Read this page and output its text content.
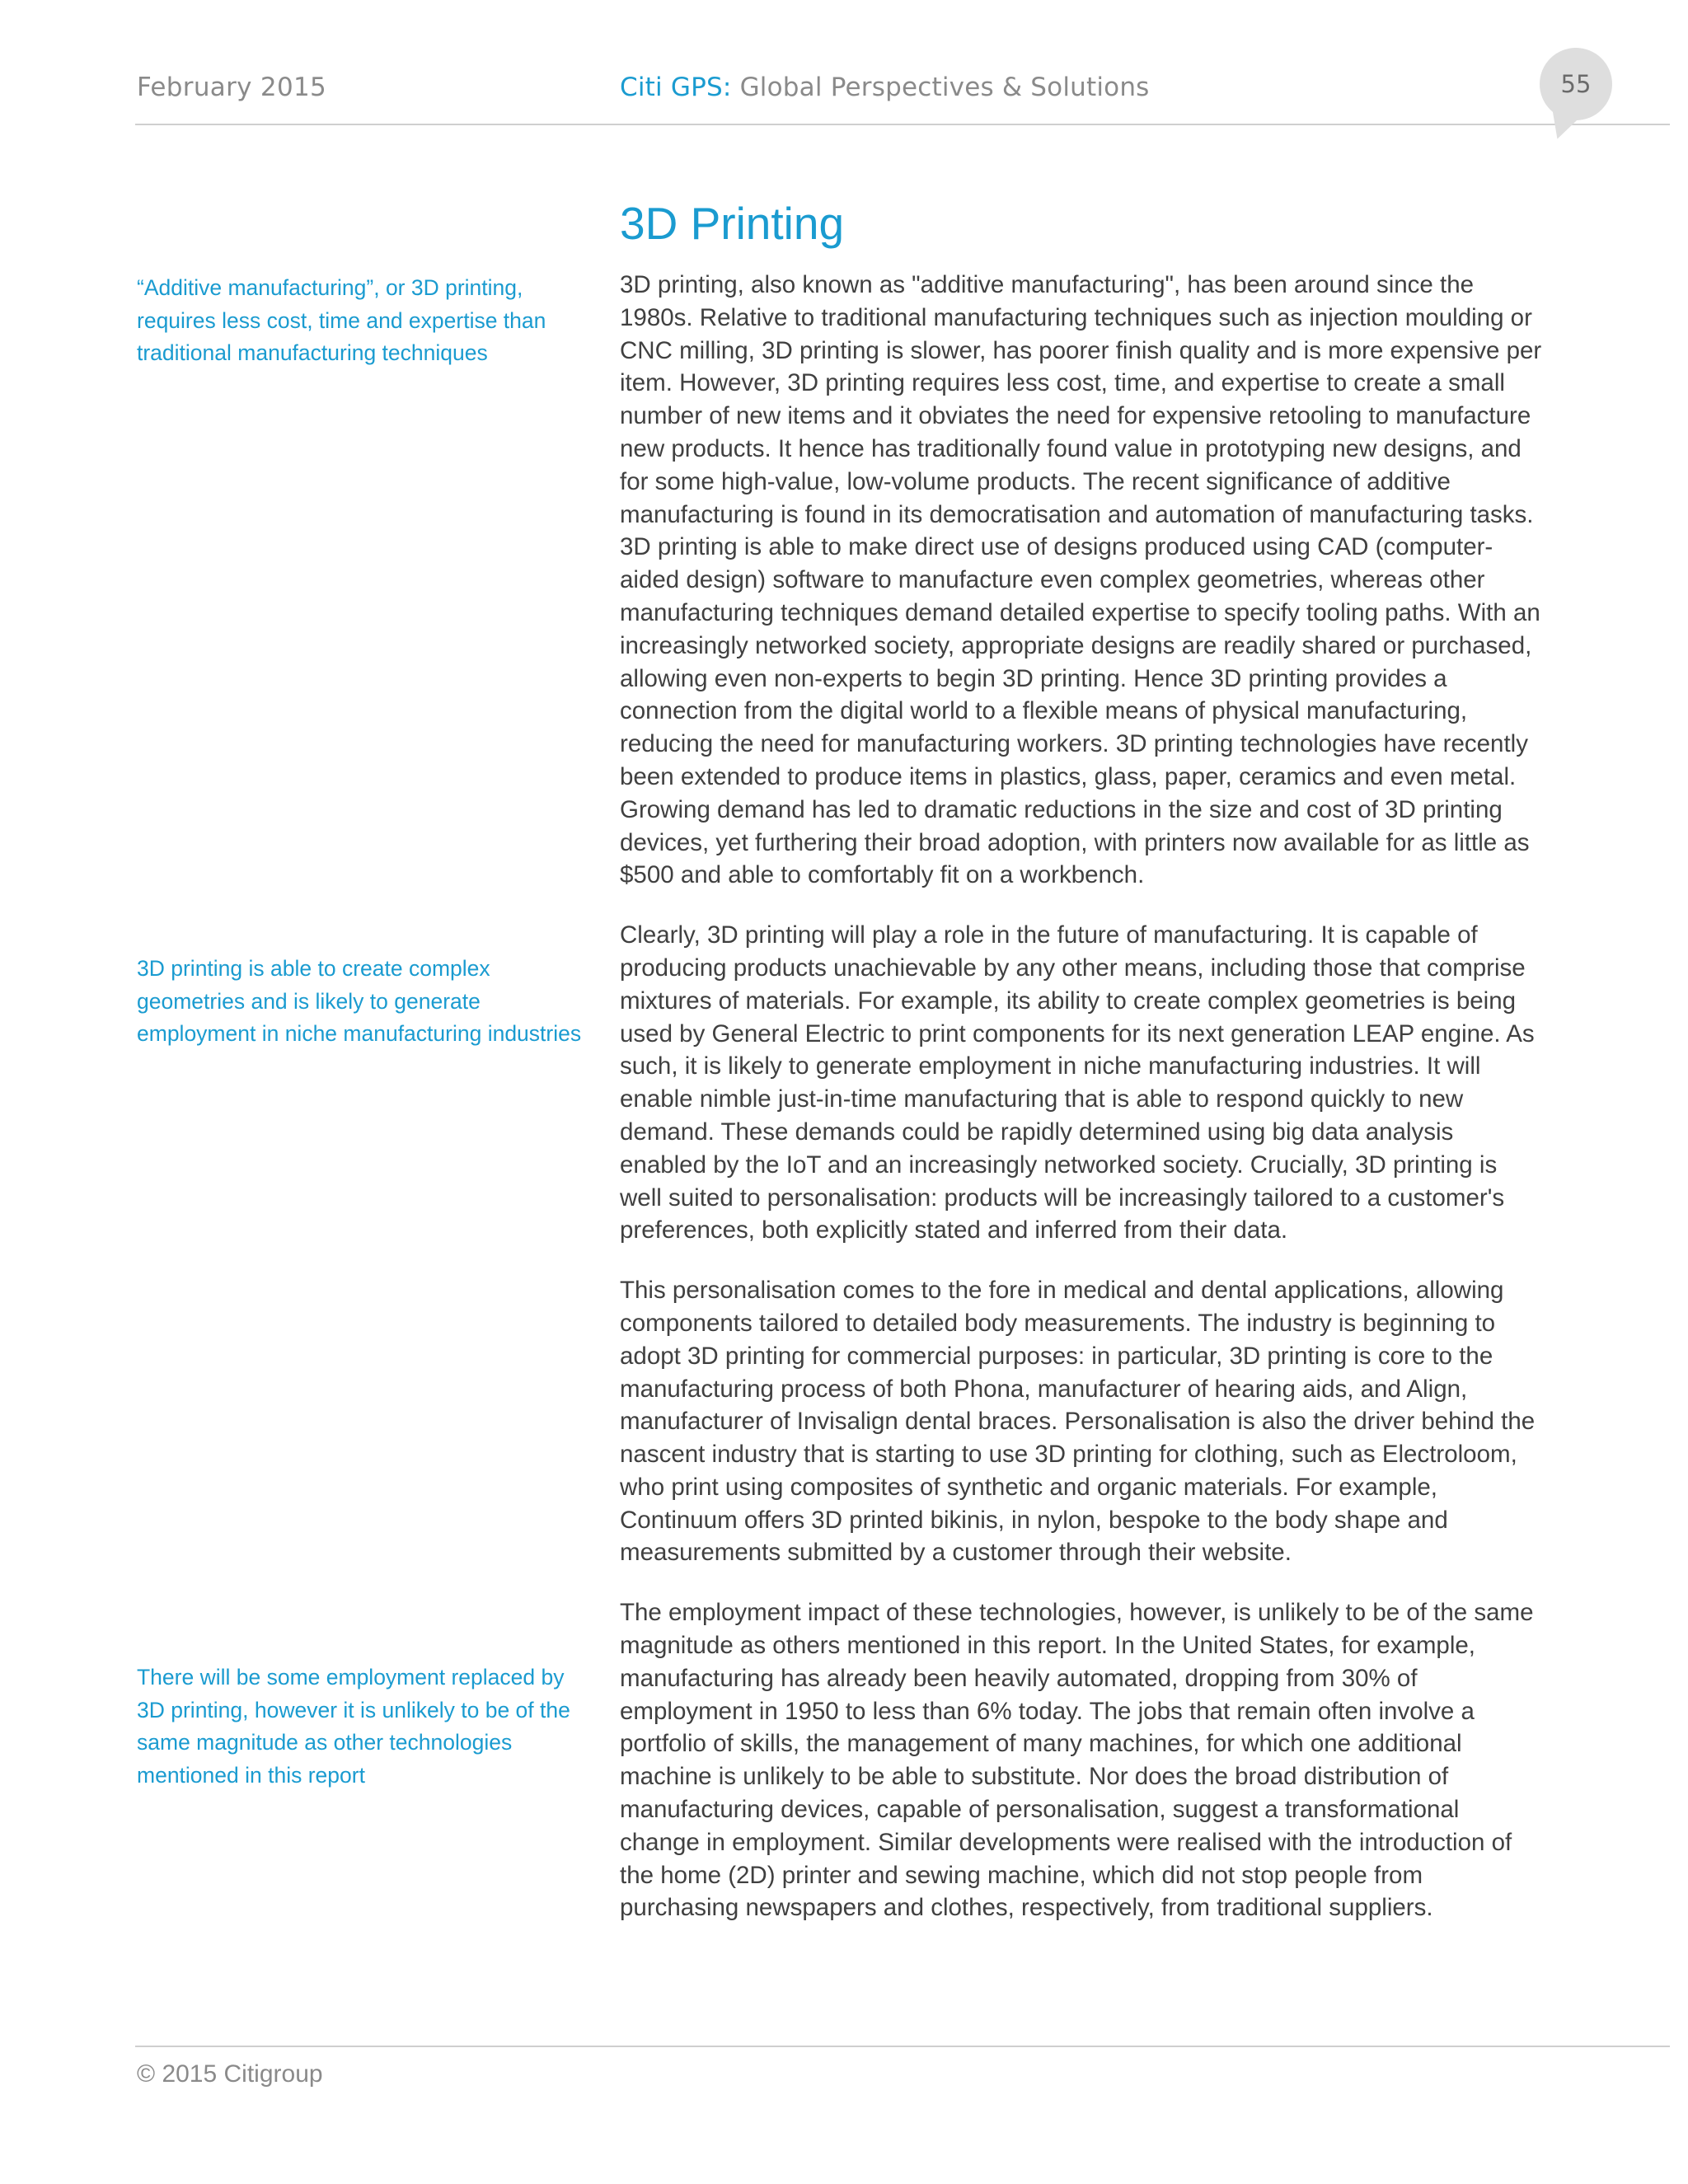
February 2015	Citi GPS: Global Perspectives & Solutions	55
3D Printing
“Additive manufacturing”, or 3D printing, requires less cost, time and expertise than traditional manufacturing techniques
3D printing is able to create complex geometries and is likely to generate employment in niche manufacturing industries
There will be some employment replaced by 3D printing, however it is unlikely to be of the same magnitude as other technologies mentioned in this report

3D printing, also known as "additive manufacturing", has been around since the 1980s. Relative to traditional manufacturing techniques such as injection moulding or CNC milling, 3D printing is slower, has poorer finish quality and is more expensive per item. However, 3D printing requires less cost, time, and expertise to create a small number of new items and it obviates the need for expensive retooling to manufacture new products. It hence has traditionally found value in prototyping new designs, and for some high-value, low-volume products. The recent significance of additive manufacturing is found in its democratisation and automation of manufacturing tasks. 3D printing is able to make direct use of designs produced using CAD (computer-aided design) software to manufacture even complex geometries, whereas other manufacturing techniques demand detailed expertise to specify tooling paths. With an increasingly networked society, appropriate designs are readily shared or purchased, allowing even non-experts to begin 3D printing. Hence 3D printing provides a connection from the digital world to a flexible means of physical manufacturing, reducing the need for manufacturing workers. 3D printing technologies have recently been extended to produce items in plastics, glass, paper, ceramics and even metal. Growing demand has led to dramatic reductions in the size and cost of 3D printing devices, yet furthering their broad adoption, with printers now available for as little as $500 and able to comfortably fit on a workbench.

Clearly, 3D printing will play a role in the future of manufacturing. It is capable of producing products unachievable by any other means, including those that comprise mixtures of materials. For example, its ability to create complex geometries is being used by General Electric to print components for its next generation LEAP engine. As such, it is likely to generate employment in niche manufacturing industries. It will enable nimble just-in-time manufacturing that is able to respond quickly to new demand. These demands could be rapidly determined using big data analysis enabled by the IoT and an increasingly networked society. Crucially, 3D printing is well suited to personalisation: products will be increasingly tailored to a customer's preferences, both explicitly stated and inferred from their data.

This personalisation comes to the fore in medical and dental applications, allowing components tailored to detailed body measurements. The industry is beginning to adopt 3D printing for commercial purposes: in particular, 3D printing is core to the manufacturing process of both Phona, manufacturer of hearing aids, and Align, manufacturer of Invisalign dental braces. Personalisation is also the driver behind the nascent industry that is starting to use 3D printing for clothing, such as Electroloom, who print using composites of synthetic and organic materials. For example, Continuum offers 3D printed bikinis, in nylon, bespoke to the body shape and measurements submitted by a customer through their website.

The employment impact of these technologies, however, is unlikely to be of the same magnitude as others mentioned in this report. In the United States, for example, manufacturing has already been heavily automated, dropping from 30% of employment in 1950 to less than 6% today. The jobs that remain often involve a portfolio of skills, the management of many machines, for which one additional machine is unlikely to be able to substitute. Nor does the broad distribution of manufacturing devices, capable of personalisation, suggest a transformational change in employment. Similar developments were realised with the introduction of the home (2D) printer and sewing machine, which did not stop people from purchasing newspapers and clothes, respectively, from traditional suppliers.

© 2015 Citigroup
